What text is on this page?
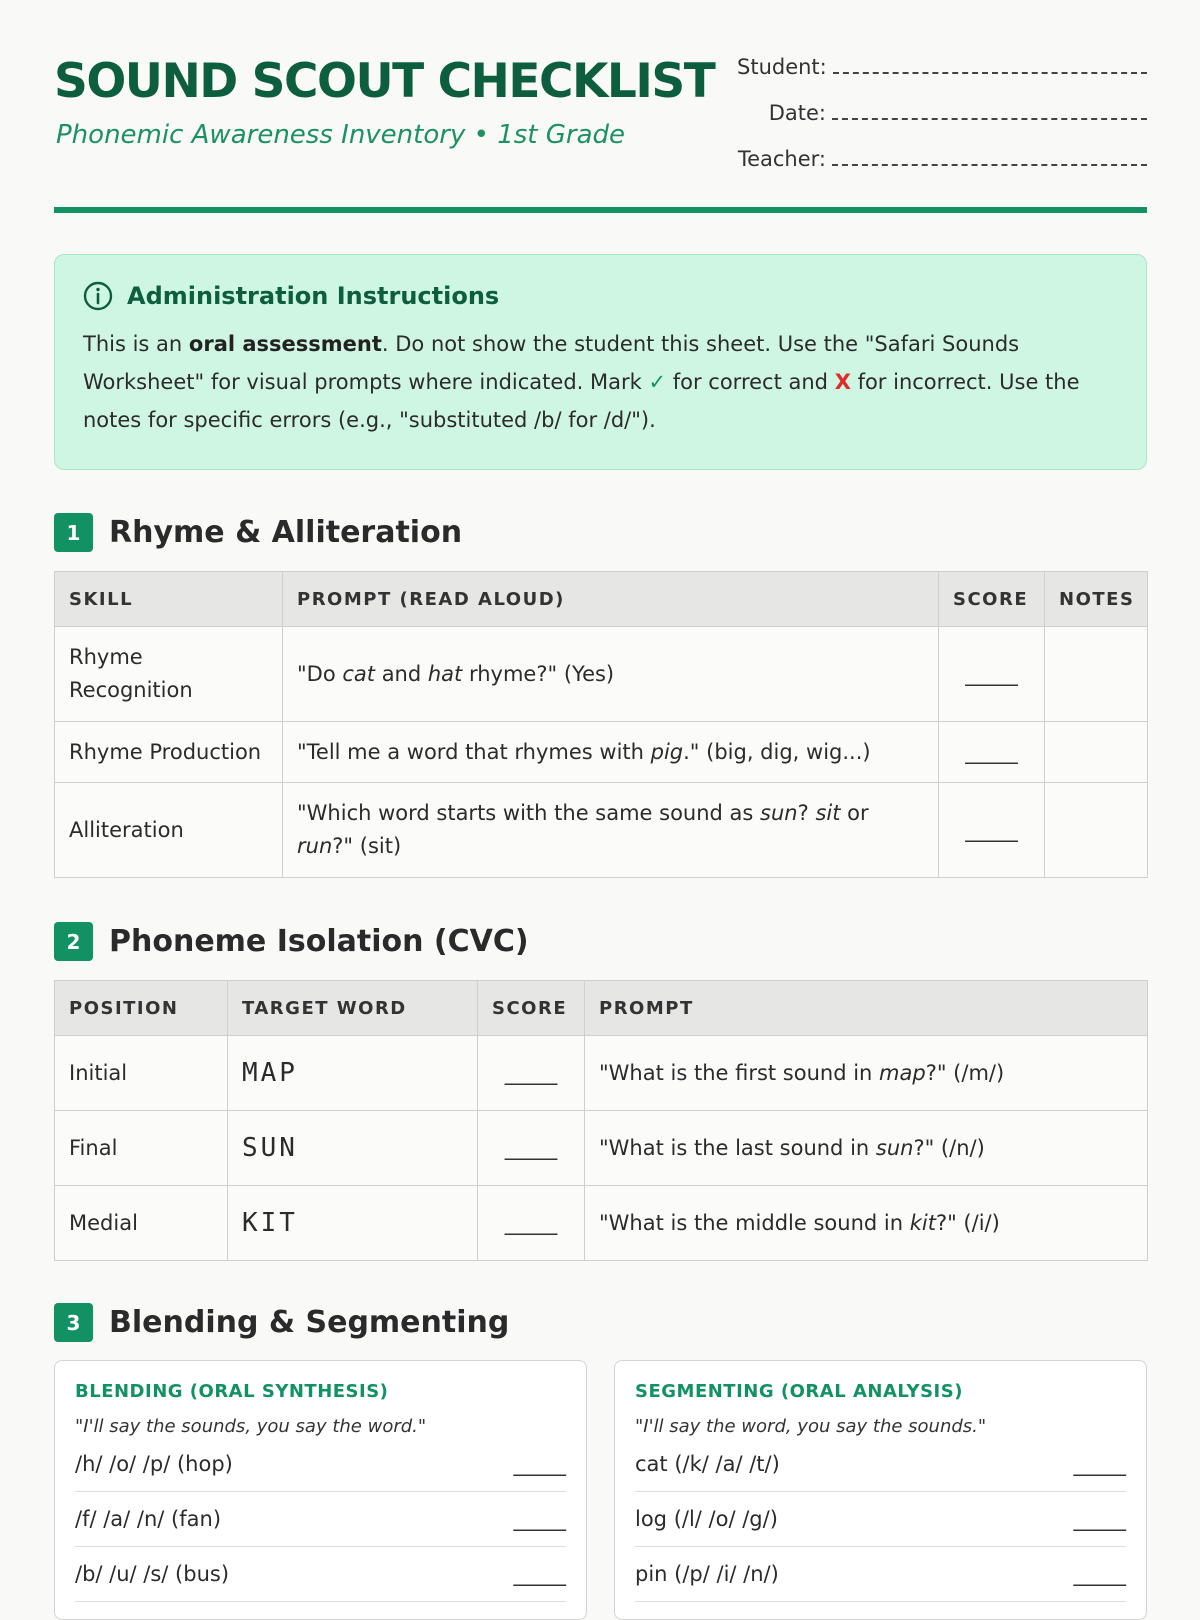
SOUND SCOUT CHECKLIST
Phonemic Awareness Inventory • 1st Grade
Student:
Date:
Teacher:
Administration Instructions
This is an oral assessment. Do not show the student this sheet. Use the "Safari Sounds Worksheet" for visual prompts where indicated. Mark ✓ for correct and X for incorrect. Use the notes for specific errors (e.g., "substituted /b/ for /d/").
1 Rhyme & Alliteration
SKILL	PROMPT (READ ALOUD)	SCORE	NOTES
Rhyme Recognition	"Do cat and hat rhyme?" (Yes)	_____	
Rhyme Production	"Tell me a word that rhymes with pig." (big, dig, wig...)	_____	
Alliteration	"Which word starts with the same sound as sun? sit or run?" (sit)	_____	
2 Phoneme Isolation (CVC)
POSITION	TARGET WORD	SCORE	PROMPT
Initial	MAP	_____	"What is the first sound in map?" (/m/)
Final	SUN	_____	"What is the last sound in sun?" (/n/)
Medial	KIT	_____	"What is the middle sound in kit?" (/i/)
3 Blending & Segmenting
BLENDING (ORAL SYNTHESIS)
"I'll say the sounds, you say the word."
/h/ /o/ /p/ (hop)	_____
/f/ /a/ /n/ (fan)	_____
/b/ /u/ /s/ (bus)	_____
SEGMENTING (ORAL ANALYSIS)
"I'll say the word, you say the sounds."
cat (/k/ /a/ /t/)	_____
log (/l/ /o/ /g/)	_____
pin (/p/ /i/ /n/)	_____
